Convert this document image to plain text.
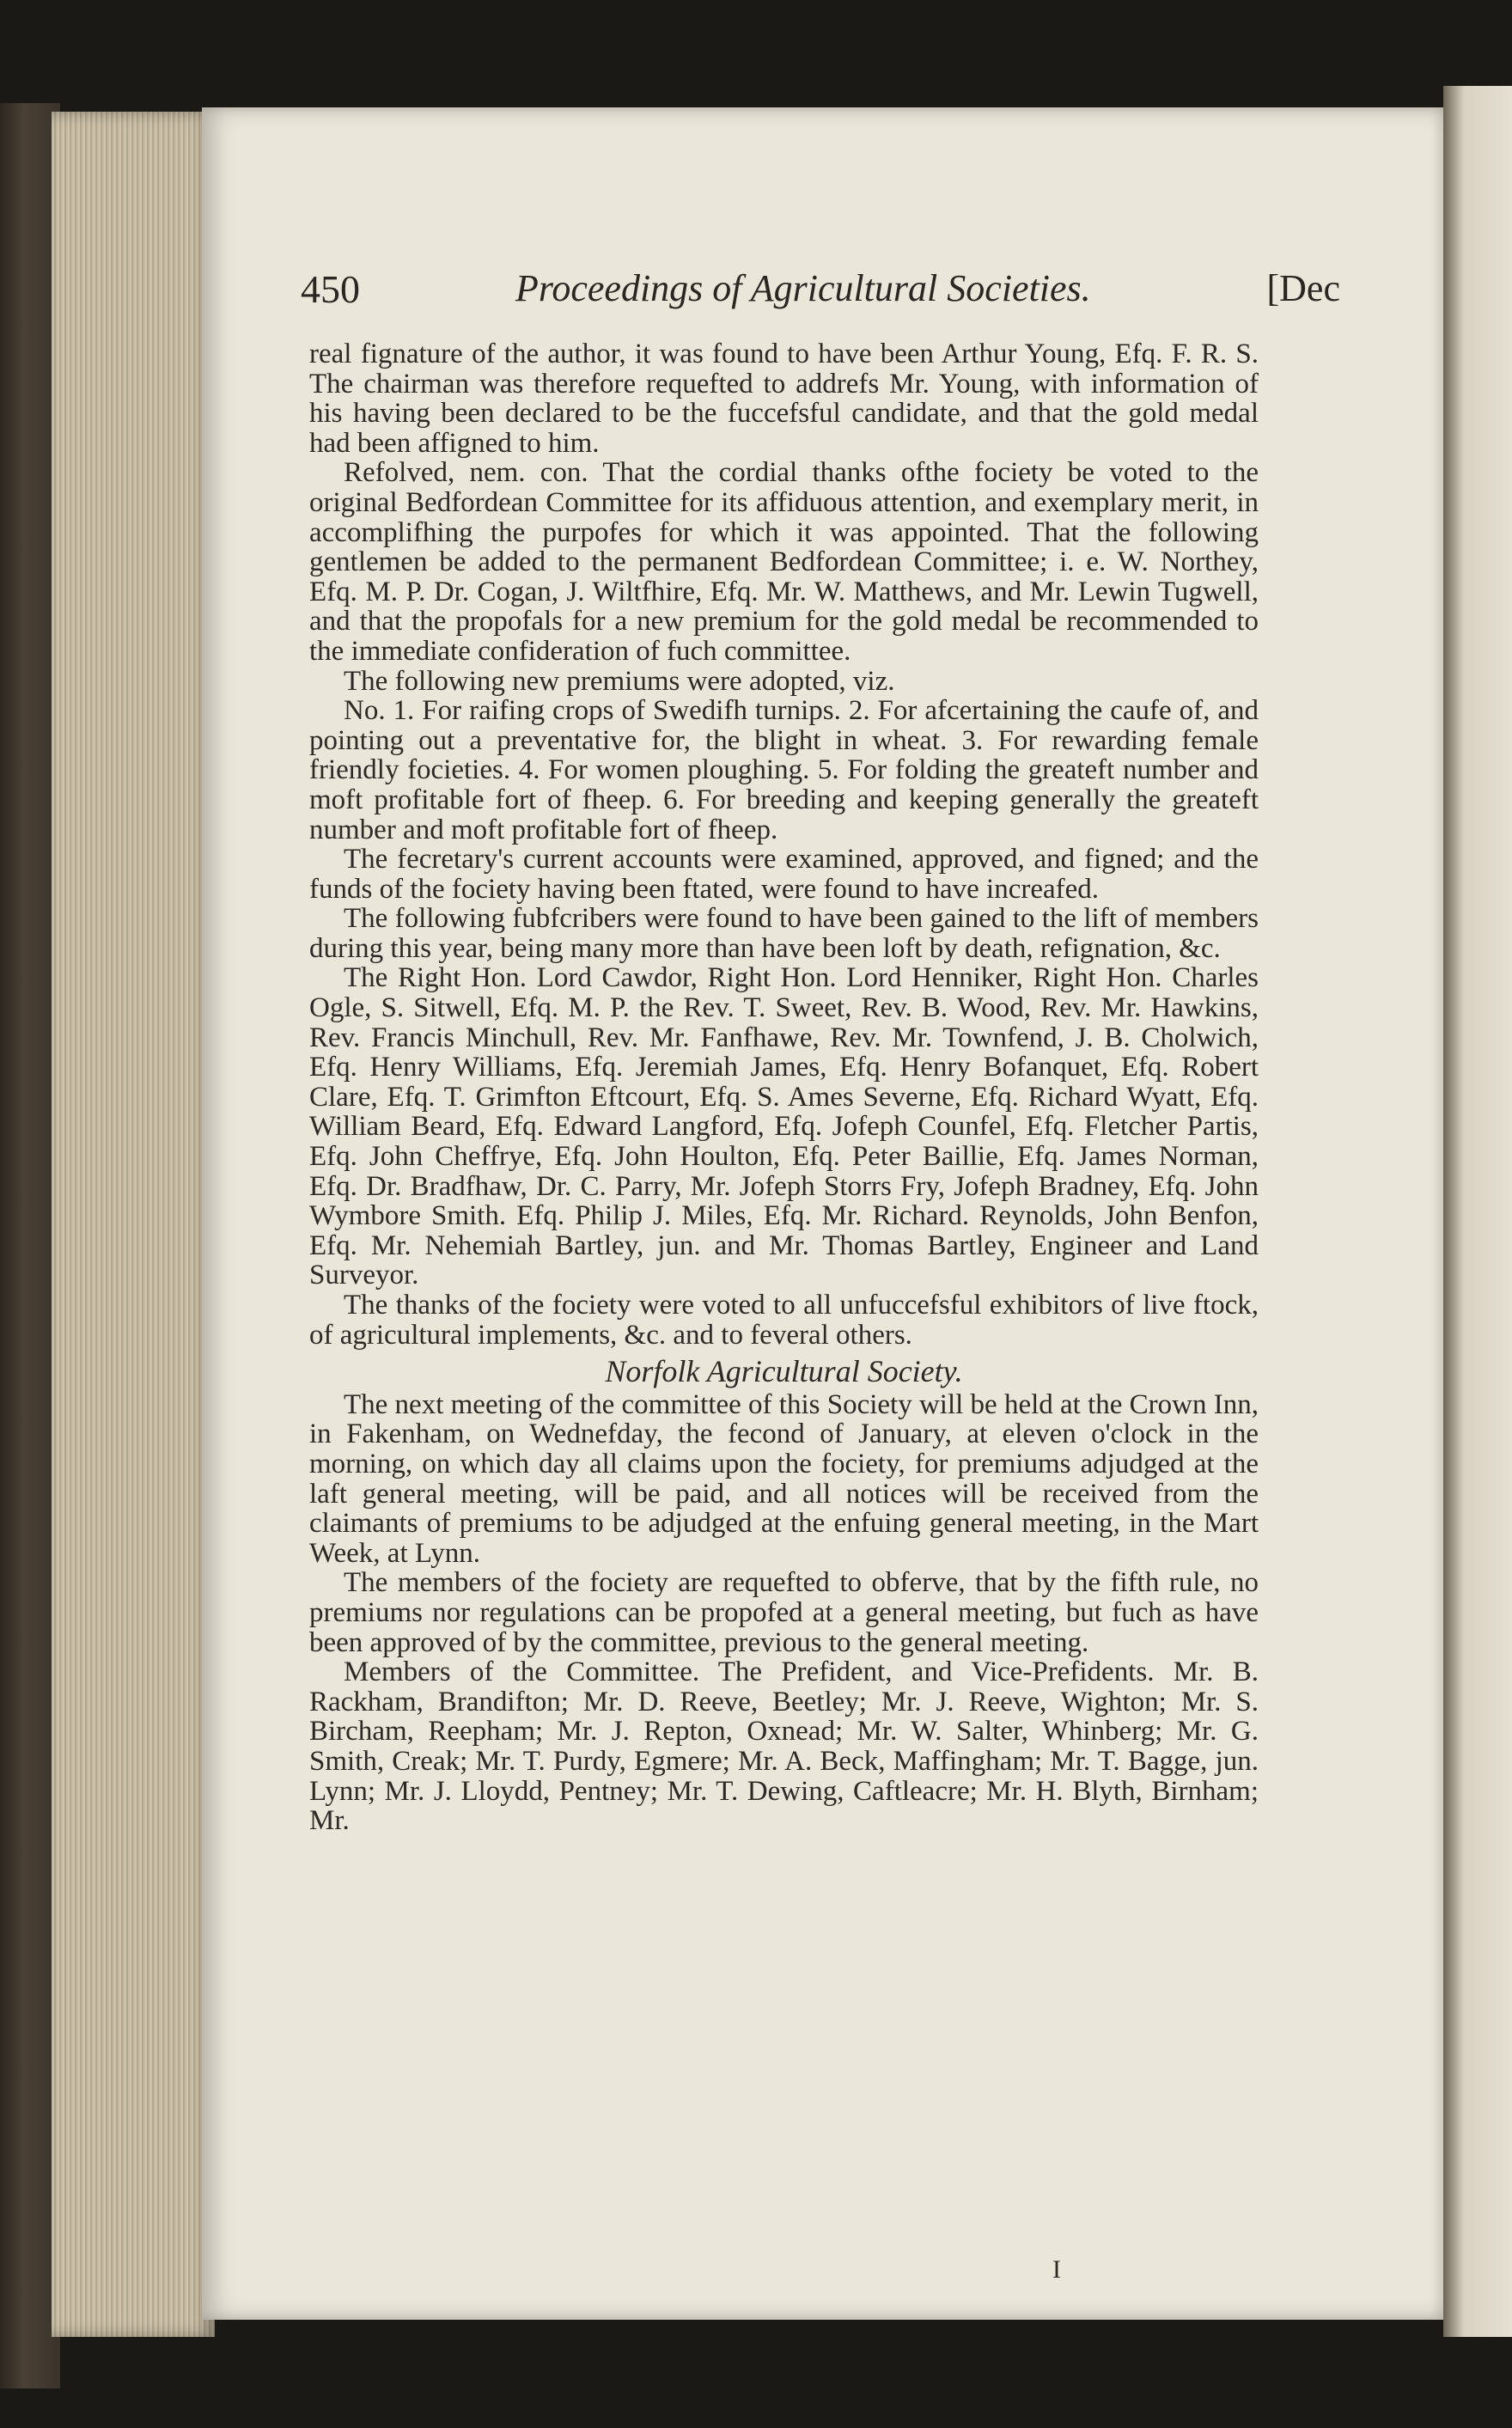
450	Proceedings of Agricultural Societies.	[Dec

real fignature of the author, it was found to have been Arthur Young, Efq. F. R. S. The chairman was therefore requefted to addrefs Mr. Young, with information of his having been declared to be the fuccefsful candidate, and that the gold medal had been affigned to him.

Refolved, nem. con. That the cordial thanks ofthe fociety be voted to the original Bedfordean Committee for its affiduous attention, and exemplary merit, in accomplifhing the purpofes for which it was appointed. That the following gentlemen be added to the permanent Bedfordean Committee; i. e. W. Northey, Efq. M. P. Dr. Cogan, J. Wiltfhire, Efq. Mr. W. Matthews, and Mr. Lewin Tugwell, and that the propofals for a new premium for the gold medal be recommended to the immediate confideration of fuch committee.

The following new premiums were adopted, viz.

No. 1. For raifing crops of Swedifh turnips. 2. For afcertaining the caufe of, and pointing out a preventative for, the blight in wheat. 3. For rewarding female friendly focieties. 4. For women ploughing. 5. For folding the greateft number and moft profitable fort of fheep. 6. For breeding and keeping generally the greateft number and moft profitable fort of fheep.

The fecretary's current accounts were examined, approved, and figned; and the funds of the fociety having been ftated, were found to have increafed.

The following fubfcribers were found to have been gained to the lift of members during this year, being many more than have been loft by death, refignation, &c.

The Right Hon. Lord Cawdor, Right Hon. Lord Henniker, Right Hon. Charles Ogle, S. Sitwell, Efq. M. P. the Rev. T. Sweet, Rev. B. Wood, Rev. Mr. Hawkins, Rev. Francis Minchull, Rev. Mr. Fanfhawe, Rev. Mr. Townfend, J. B. Cholwich, Efq. Henry Williams, Efq. Jeremiah James, Efq. Henry Bofanquet, Efq. Robert Clare, Efq. T. Grimfton Eftcourt, Efq. S. Ames Severne, Efq. Richard Wyatt, Efq. William Beard, Efq. Edward Langford, Efq. Jofeph Counfel, Efq. Fletcher Partis, Efq. John Cheffrye, Efq. John Houlton, Efq. Peter Baillie, Efq. James Norman, Efq. Dr. Bradfhaw, Dr. C. Parry, Mr. Jofeph Storrs Fry, Jofeph Bradney, Efq. John Wymbore Smith. Efq. Philip J. Miles, Efq. Mr. Richard. Reynolds, John Benfon, Efq. Mr. Nehemiah Bartley, jun. and Mr. Thomas Bartley, Engineer and Land Surveyor.

The thanks of the fociety were voted to all unfuccefsful exhibitors of live ftock, of agricultural implements, &c. and to feveral others.

Norfolk Agricultural Society.

The next meeting of the committee of this Society will be held at the Crown Inn, in Fakenham, on Wednefday, the fecond of January, at eleven o'clock in the morning, on which day all claims upon the fociety, for premiums adjudged at the laft general meeting, will be paid, and all notices will be received from the claimants of premiums to be adjudged at the enfuing general meeting, in the Mart Week, at Lynn.

The members of the fociety are requefted to obferve, that by the fifth rule, no premiums nor regulations can be propofed at a general meeting, but fuch as have been approved of by the committee, previous to the general meeting.

Members of the Committee. The Prefident, and Vice-Prefidents. Mr. B. Rackham, Brandifton; Mr. D. Reeve, Beetley; Mr. J. Reeve, Wighton; Mr. S. Bircham, Reepham; Mr. J. Repton, Oxnead; Mr. W. Salter, Whinberg; Mr. G. Smith, Creak; Mr. T. Purdy, Egmere; Mr. A. Beck, Maffingham; Mr. T. Bagge, jun. Lynn; Mr. J. Lloydd, Pentney; Mr. T. Dewing, Caftleacre; Mr. H. Blyth, Birnham; Mr.

I
